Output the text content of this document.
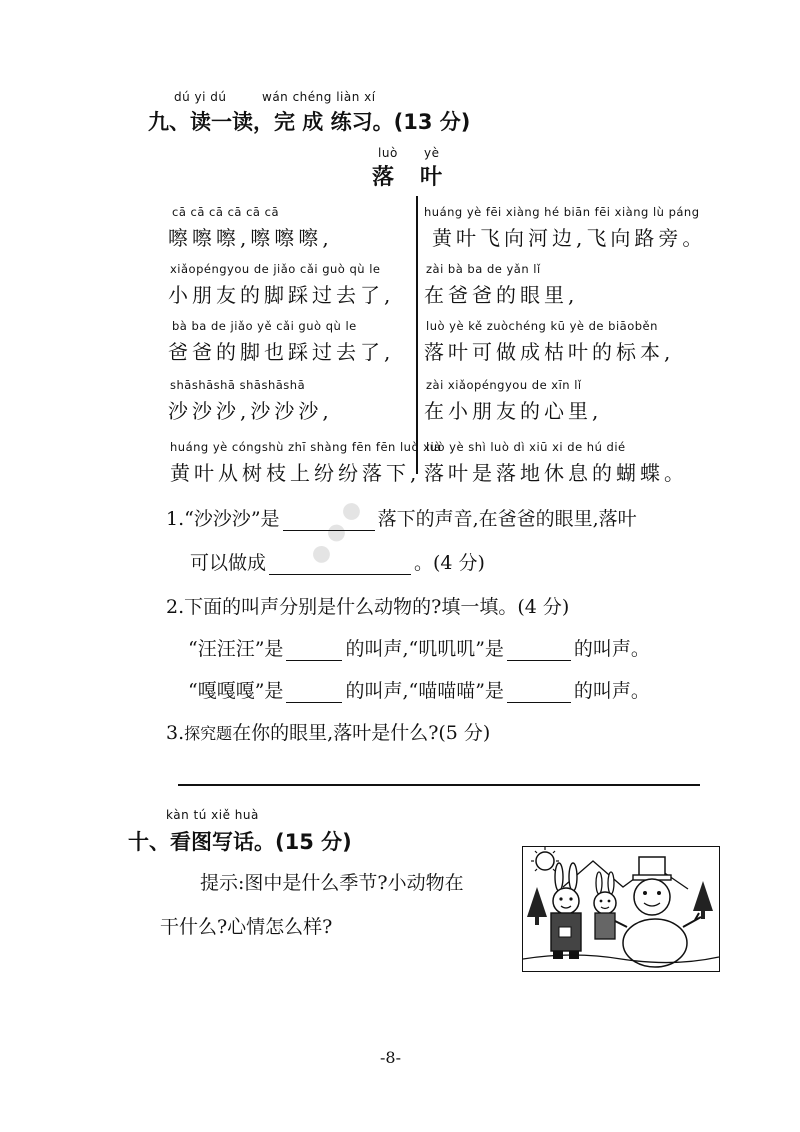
dú yi dú	wán chéng liàn xí
九、读一读，完 成 练习。(13 分)
luò yè
落 叶
cā cā cā cā cā cā
嚓嚓嚓,嚓嚓嚓,
xiǎopéngyou de jiǎo cǎi guò qù le
小朋友的脚踩过去了,
bà ba de jiǎo yě cǎi guò qù le
爸爸的脚也踩过去了,
shāshāshā shāshāshā
沙沙沙,沙沙沙,
huáng yè cóngshù zhī shàng fēn fēn luò xià
黄叶从树枝上纷纷落下,
huáng yè fēi xiàng hé biān fēi xiàng lù páng
黄叶飞向河边,飞向路旁。
zài bà ba de yǎn lǐ
在爸爸的眼里,
luò yè kě zuòchéng kū yè de biāoběn
落叶可做成枯叶的标本,
zài xiǎopéngyou de xīn lǐ
在小朋友的心里,
luò yè shì luò dì xiū xi de hú dié
落叶是落地休息的蝴蝶。
● ● ●
1.“沙沙沙”是	落下的声音,在爸爸的眼里,落叶
可以做成	。(4 分)
2.下面的叫声分别是什么动物的?填一填。(4 分)
“汪汪汪”是	的叫声,“叽叽叽”是	的叫声。
“嘎嘎嘎”是	的叫声,“喵喵喵”是	的叫声。
3.探究题在你的眼里,落叶是什么?(5 分)
kàn tú xiě huà
十、看图写话。(15 分)
提示:图中是什么季节?小动物在
干什么?心情怎么样?
-8-
